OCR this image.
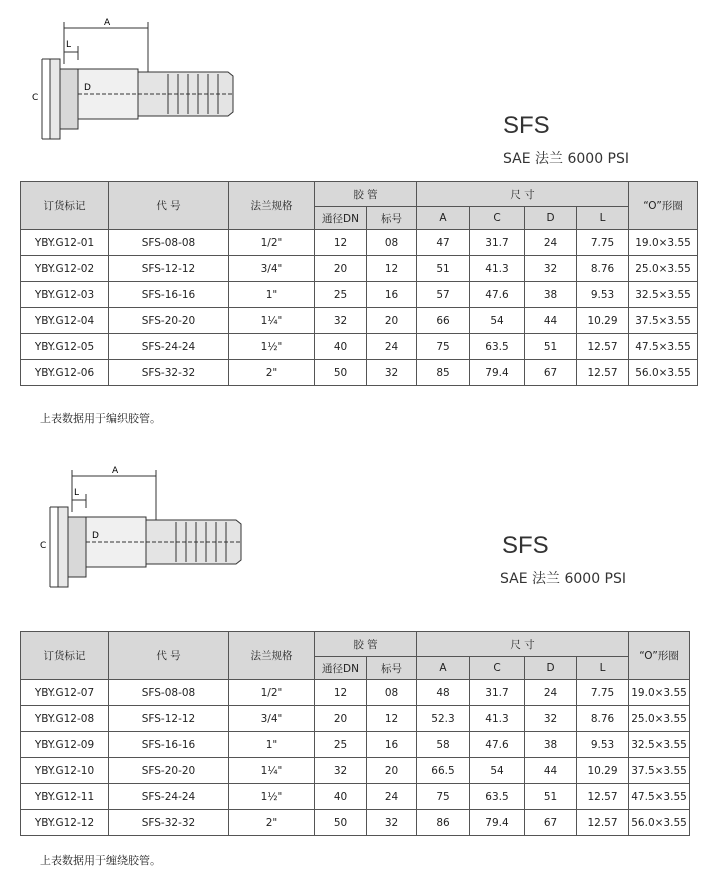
A
L
C
D
SFS
SAE 法兰 6000 PSI
订货标记	代 号	法兰规格	胶 管		尺 寸				“O”形圈
			通径DN	标号	A	C	D	L	
YBY.G12-01	SFS-08-08	1/2"	12	08	47	31.7	24	7.75	19.0×3.55
YBY.G12-02	SFS-12-12	3/4"	20	12	51	41.3	32	8.76	25.0×3.55
YBY.G12-03	SFS-16-16	1"	25	16	57	47.6	38	9.53	32.5×3.55
YBY.G12-04	SFS-20-20	1¼"	32	20	66	54	44	10.29	37.5×3.55
YBY.G12-05	SFS-24-24	1½"	40	24	75	63.5	51	12.57	47.5×3.55
YBY.G12-06	SFS-32-32	2"	50	32	85	79.4	67	12.57	56.0×3.55
上表数据用于编织胶管。
A
L
C
D	SFS
SAE 法兰 6000 PSI
订货标记	代 号	法兰规格	胶 管		尺 寸				“O”形圈
			通径DN	标号	A	C	D	L	
YBY.G12-07	SFS-08-08	1/2"	12	08	48	31.7	24	7.75	19.0×3.55
YBY.G12-08	SFS-12-12	3/4"	20	12	52.3	41.3	32	8.76	25.0×3.55
YBY.G12-09	SFS-16-16	1"	25	16	58	47.6	38	9.53	32.5×3.55
YBY.G12-10	SFS-20-20	1¼"	32	20	66.5	54	44	10.29	37.5×3.55
YBY.G12-11	SFS-24-24	1½"	40	24	75	63.5	51	12.57	47.5×3.55
YBY.G12-12	SFS-32-32	2"	50	32	86	79.4	67	12.57	56.0×3.55
上表数据用于缠绕胶管。
